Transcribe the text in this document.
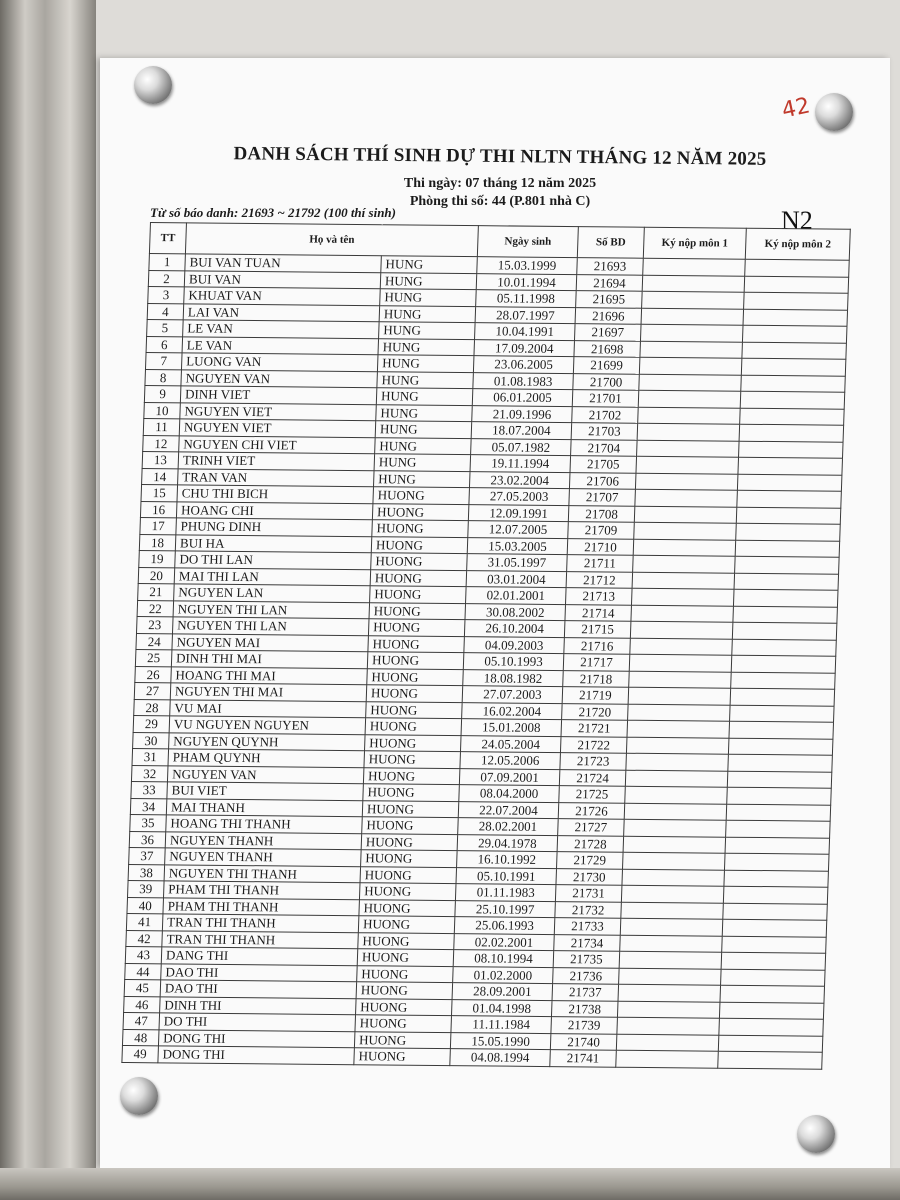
42
DANH SÁCH THÍ SINH DỰ THI NLTN THÁNG 12 NĂM 2025
Thi ngày: 07 tháng 12 năm 2025
Phòng thi số: 44 (P.801 nhà C)
Từ số báo danh: 21693 ~ 21792 (100 thí sinh)	N2
TT	Họ và tên		Ngày sinh	Số BD	Ký nộp môn 1	Ký nộp môn 2
1	BUI VAN TUAN	HUNG	15.03.1999	21693		
2	BUI VAN	HUNG	10.01.1994	21694		
3	KHUAT VAN	HUNG	05.11.1998	21695		
4	LAI VAN	HUNG	28.07.1997	21696		
5	LE VAN	HUNG	10.04.1991	21697		
6	LE VAN	HUNG	17.09.2004	21698		
7	LUONG VAN	HUNG	23.06.2005	21699		
8	NGUYEN VAN	HUNG	01.08.1983	21700		
9	DINH VIET	HUNG	06.01.2005	21701		
10	NGUYEN VIET	HUNG	21.09.1996	21702		
11	NGUYEN VIET	HUNG	18.07.2004	21703		
12	NGUYEN CHI VIET	HUNG	05.07.1982	21704		
13	TRINH VIET	HUNG	19.11.1994	21705		
14	TRAN VAN	HUNG	23.02.2004	21706		
15	CHU THI BICH	HUONG	27.05.2003	21707		
16	HOANG CHI	HUONG	12.09.1991	21708		
17	PHUNG DINH	HUONG	12.07.2005	21709		
18	BUI HA	HUONG	15.03.2005	21710		
19	DO THI LAN	HUONG	31.05.1997	21711		
20	MAI THI LAN	HUONG	03.01.2004	21712		
21	NGUYEN LAN	HUONG	02.01.2001	21713		
22	NGUYEN THI LAN	HUONG	30.08.2002	21714		
23	NGUYEN THI LAN	HUONG	26.10.2004	21715		
24	NGUYEN MAI	HUONG	04.09.2003	21716		
25	DINH THI MAI	HUONG	05.10.1993	21717		
26	HOANG THI MAI	HUONG	18.08.1982	21718		
27	NGUYEN THI MAI	HUONG	27.07.2003	21719		
28	VU MAI	HUONG	16.02.2004	21720		
29	VU NGUYEN NGUYEN	HUONG	15.01.2008	21721		
30	NGUYEN QUYNH	HUONG	24.05.2004	21722		
31	PHAM QUYNH	HUONG	12.05.2006	21723		
32	NGUYEN VAN	HUONG	07.09.2001	21724		
33	BUI VIET	HUONG	08.04.2000	21725		
34	MAI THANH	HUONG	22.07.2004	21726		
35	HOANG THI THANH	HUONG	28.02.2001	21727		
36	NGUYEN THANH	HUONG	29.04.1978	21728		
37	NGUYEN THANH	HUONG	16.10.1992	21729		
38	NGUYEN THI THANH	HUONG	05.10.1991	21730		
39	PHAM THI THANH	HUONG	01.11.1983	21731		
40	PHAM THI THANH	HUONG	25.10.1997	21732		
41	TRAN THI THANH	HUONG	25.06.1993	21733		
42	TRAN THI THANH	HUONG	02.02.2001	21734		
43	DANG THI	HUONG	08.10.1994	21735		
44	DAO THI	HUONG	01.02.2000	21736		
45	DAO THI	HUONG	28.09.2001	21737		
46	DINH THI	HUONG	01.04.1998	21738		
47	DO THI	HUONG	11.11.1984	21739		
48	DONG THI	HUONG	15.05.1990	21740		
49	DONG THI	HUONG	04.08.1994	21741		
